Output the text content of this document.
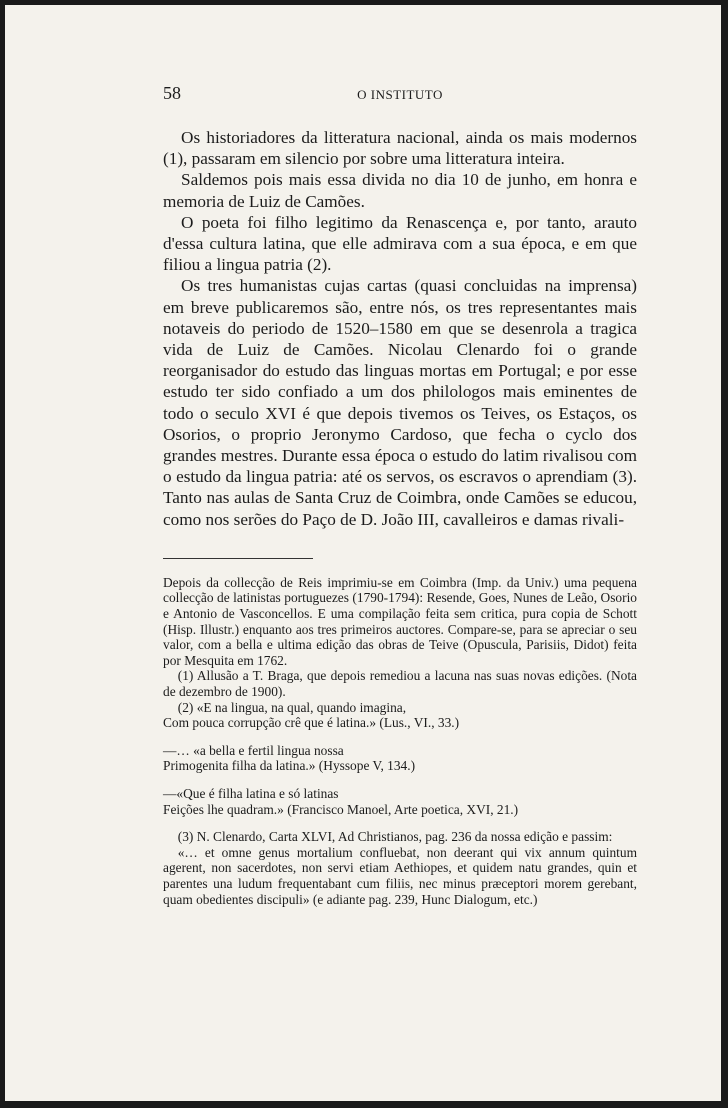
58	O INSTITUTO

Os historiadores da litteratura nacional, ainda os mais modernos (1), passaram em silencio por sobre uma litteratura inteira.

Saldemos pois mais essa divida no dia 10 de junho, em honra e memoria de Luiz de Camões.

O poeta foi filho legitimo da Renascença e, por tanto, arauto d'essa cultura latina, que elle admirava com a sua época, e em que filiou a lingua patria (2).

Os tres humanistas cujas cartas (quasi concluidas na imprensa) em breve publicaremos são, entre nós, os tres representantes mais notaveis do periodo de 1520–1580 em que se desenrola a tragica vida de Luiz de Camões. Nicolau Clenardo foi o grande reorganisador do estudo das linguas mortas em Portugal; e por esse estudo ter sido confiado a um dos philologos mais eminentes de todo o seculo XVI é que depois tivemos os Teives, os Estaços, os Osorios, o proprio Jeronymo Cardoso, que fecha o cyclo dos grandes mestres. Durante essa época o estudo do latim rivalisou com o estudo da lingua patria: até os servos, os escravos o aprendiam (3). Tanto nas aulas de Santa Cruz de Coimbra, onde Camões se educou, como nos serões do Paço de D. João III, cavalleiros e damas rivali-

Depois da collecção de Reis imprimiu-se em Coimbra (Imp. da Univ.) uma pequena collecção de latinistas portuguezes (1790-1794): Resende, Goes, Nunes de Leão, Osorio e Antonio de Vasconcellos. E uma compilação feita sem critica, pura copia de Schott (Hisp. Illustr.) enquanto aos tres primeiros auctores. Compare-se, para se apreciar o seu valor, com a bella e ultima edição das obras de Teive (Opuscula, Parisiis, Didot) feita por Mesquita em 1762.

(1) Allusão a T. Braga, que depois remediou a lacuna nas suas novas edições. (Nota de dezembro de 1900).

(2) «E na lingua, na qual, quando imagina,

Com pouca corrupção crê que é latina.» (Lus., VI., 33.)

—… «a bella e fertil lingua nossa

Primogenita filha da latina.» (Hyssope V, 134.)

—«Que é filha latina e só latinas

Feições lhe quadram.» (Francisco Manoel, Arte poetica, XVI, 21.)

(3) N. Clenardo, Carta XLVI, Ad Christianos, pag. 236 da nossa edição e passim:

«… et omne genus mortalium confluebat, non deerant qui vix annum quintum agerent, non sacerdotes, non servi etiam Aethiopes, et quidem natu grandes, quin et parentes una ludum frequentabant cum filiis, nec minus præceptori morem gerebant, quam obedientes discipuli» (e adiante pag. 239, Hunc Dialogum, etc.)
